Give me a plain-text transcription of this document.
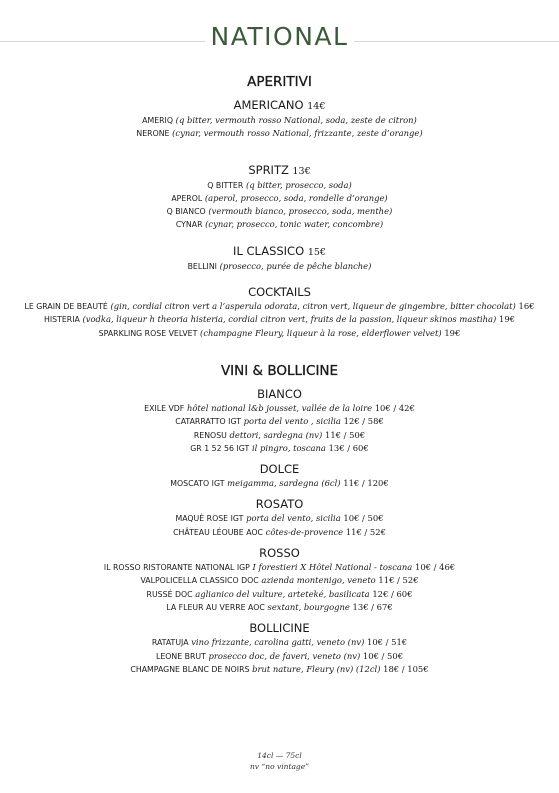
NATIONAL
APERITIVI
AMERICANO 14€
AMERIQ (q bitter, vermouth rosso National, soda, zeste de citron)
NERONE (cynar, vermouth rosso National, frizzante, zeste d’orange)
SPRITZ 13€
Q BITTER (q bitter, prosecco, soda)
APEROL (aperol, prosecco, soda, rondelle d’orange)
Q BIANCO (vermouth bianco, prosecco, soda, menthe)
CYNAR (cynar, prosecco, tonic water, concombre)
IL CLASSICO 15€
BELLINI (prosecco, purée de pêche blanche)
COCKTAILS
LE GRAIN DE BEAUTÉ (gin, cordial citron vert a l’asperula odorata, citron vert, liqueur de gingembre, bitter chocolat) 16€
HISTERIA (vodka, liqueur h theoria histeria, cordial citron vert, fruits de la passion, liqueur skinos mastiha) 19€
SPARKLING ROSE VELVET (champagne Fleury, liqueur à la rose, elderflower velvet) 19€
VINI & BOLLICINE
BIANCO
EXILE VDF hôtel national l&b jousset, vallée de la loire 10€ / 42€
CATARRATTO IGT porta del vento , sicilia 12€ / 58€
RENOSU dettori, sardegna (nv) 11€ / 50€
GR 1 52 56 IGT il pingro, toscana 13€ / 60€
DOLCE
MOSCATO IGT meigamma, sardegna (6cl) 11€ / 120€
ROSATO
MAQUÈ ROSE IGT porta del vento, sicilia 10€ / 50€
CHÂTEAU LÉOUBE AOC côtes-de-provence 11€ / 52€
ROSSO
IL ROSSO RISTORANTE NATIONAL IGP I forestieri X Hôtel National - toscana 10€ / 46€
VALPOLICELLA CLASSICO DOC azienda montenigo, veneto 11€ / 52€
RUSSÉ DOC aglianico del vulture, arteteké, basilicata 12€ / 60€
LA FLEUR AU VERRE AOC sextant, bourgogne 13€ / 67€
BOLLICINE
RATATUJA vino frizzante, carolina gatti, veneto (nv) 10€ / 51€
LEONE BRUT prosecco doc, de faveri, veneto (nv) 10€ / 50€
CHAMPAGNE BLANC DE NOIRS brut nature, Fleury (nv) (12cl) 18€ / 105€
14cl — 75cl
nv “no vintage”
